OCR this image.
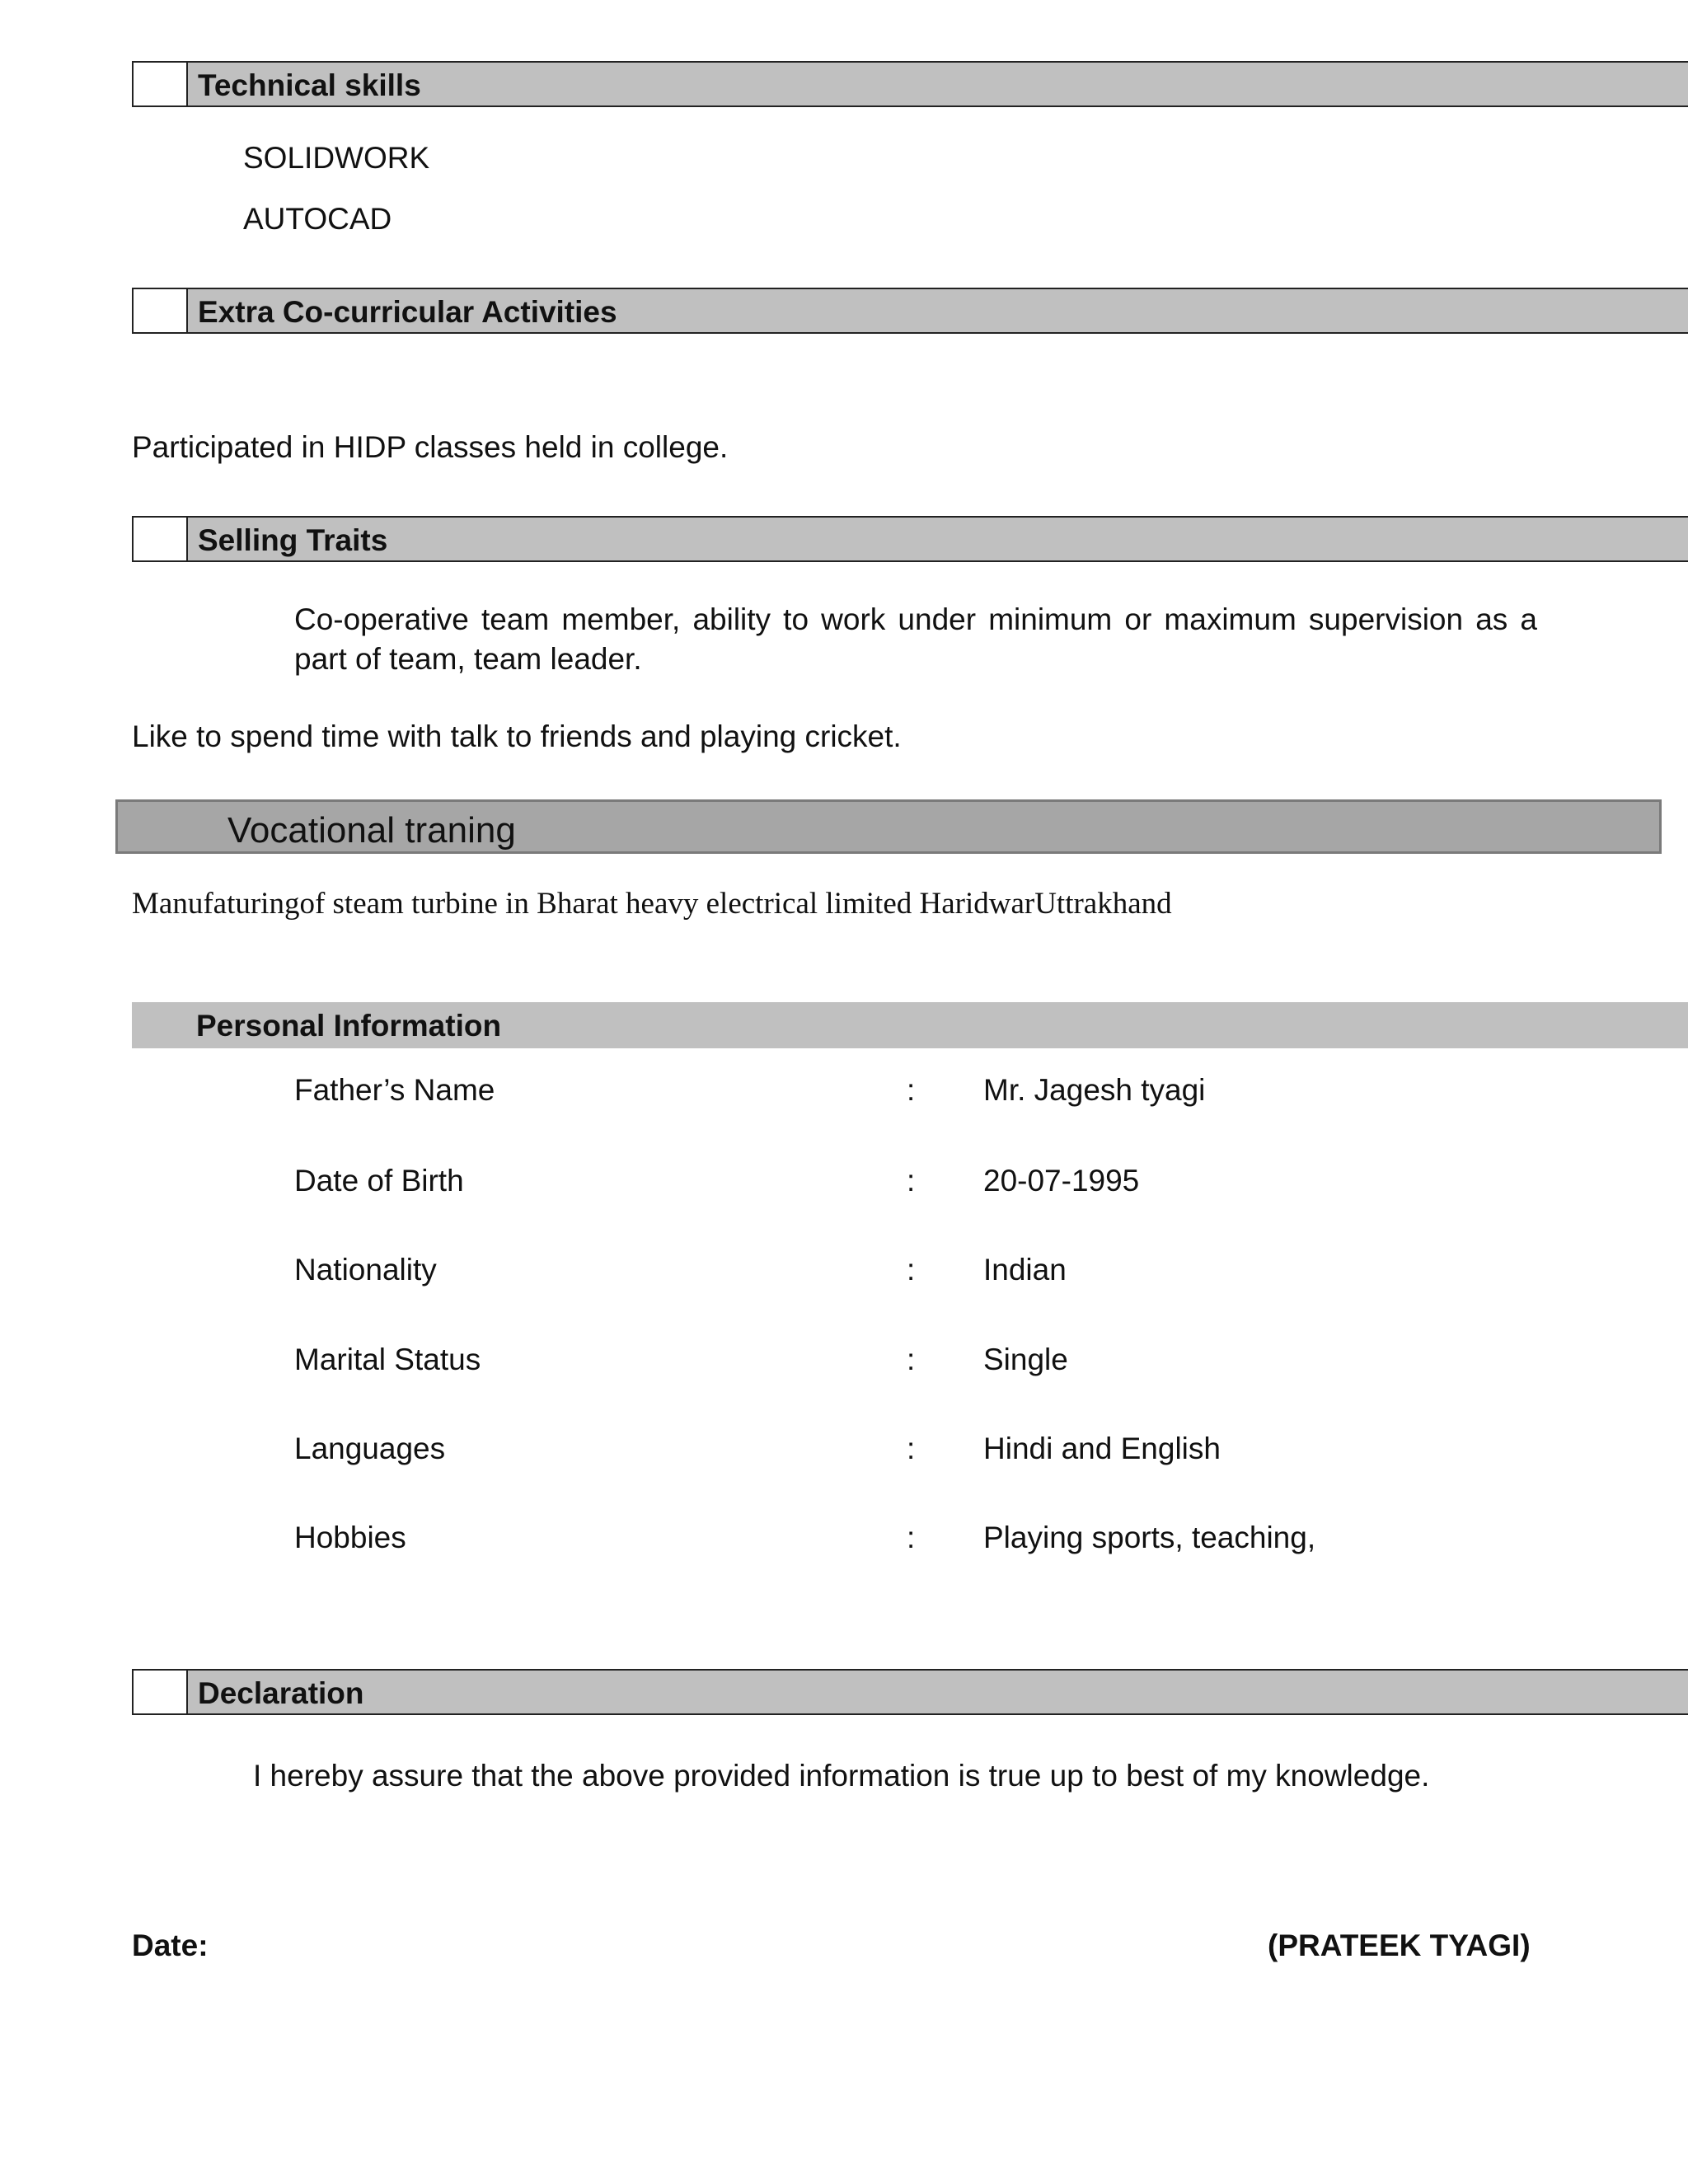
Technical skills
SOLIDWORK
AUTOCAD
Extra Co-curricular Activities
Participated in HIDP classes held in college.
Selling Traits
Co-operative team member, ability to work under minimum or maximum supervision as a part of team, team leader.
Like to spend time with talk to friends and playing cricket.
Vocational traning
Manufaturingof steam turbine in Bharat heavy electrical limited HaridwarUttrakhand
Personal Information
Father’s Name	: Mr. Jagesh tyagi
Date of Birth	: 20-07-1995
Nationality	: Indian
Marital Status	: Single
Languages	: Hindi and English
Hobbies	: Playing sports, teaching,
Declaration
I hereby assure that the above provided information is true up to best of my knowledge.
Date:	(PRATEEK TYAGI)
